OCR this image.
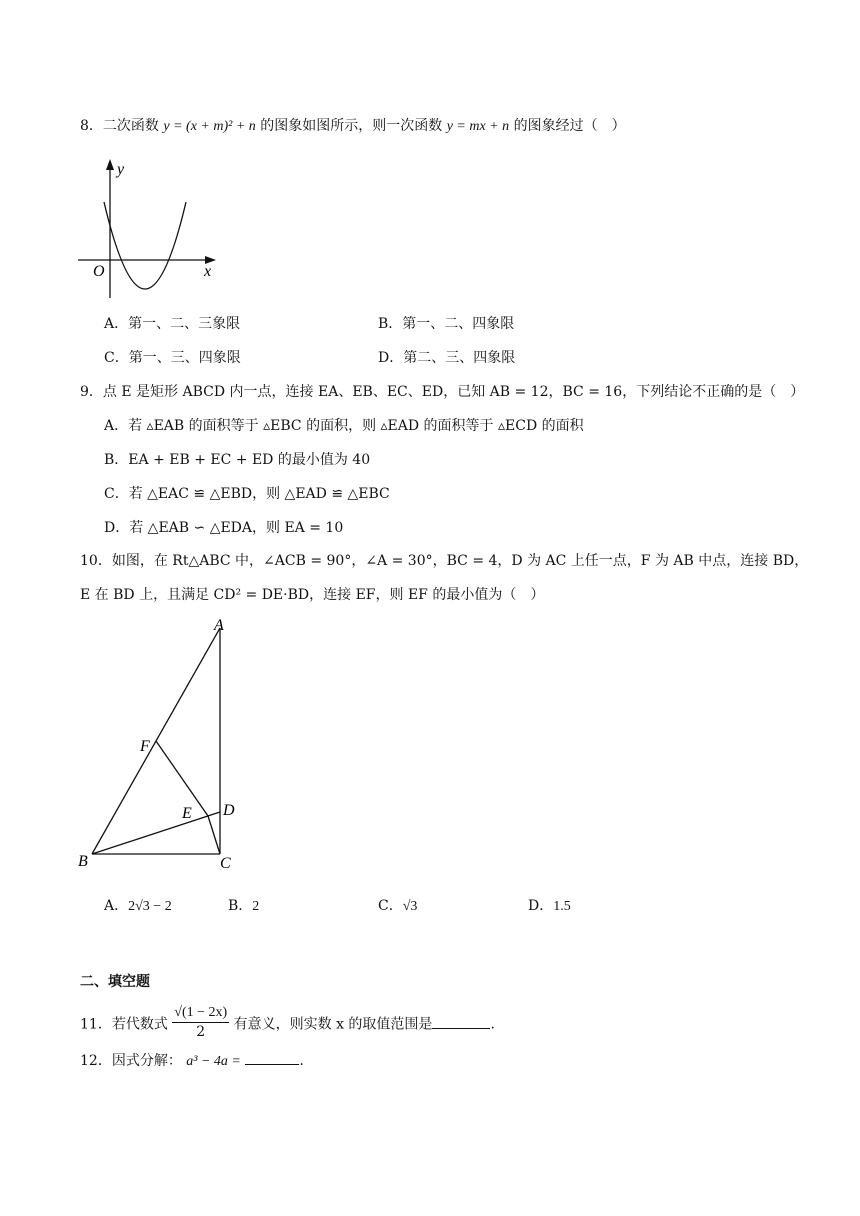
8．二次函数 y = (x + m)² + n 的图象如图所示，则一次函数 y = mx + n 的图象经过（　）
y
x
O
A．第一、二、三象限	B．第一、二、四象限
C．第一、三、四象限	D．第二、三、四象限
9．点 E 是矩形 ABCD 内一点，连接 EA、EB、EC、ED，已知 AB = 12，BC = 16，下列结论不正确的是（　）
A．若 ▵EAB 的面积等于 ▵EBC 的面积，则 ▵EAD 的面积等于 ▵ECD 的面积
B．EA + EB + EC + ED 的最小值为 40
C．若 △EAC ≌ △EBD，则 △EAD ≌ △EBC
D．若 △EAB ∽ △EDA，则 EA = 10
10．如图，在 Rt△ABC 中，∠ACB = 90°，∠A = 30°，BC = 4，D 为 AC 上任一点，F 为 AB 中点，连接 BD，
E 在 BD 上，且满足 CD² = DE·BD，连接 EF，则 EF 的最小值为（　）
A
F
E D
B	C
A．2√3 − 2	B．2	C．√3	D．1.5
二、填空题
11．若代数式 $\frac{√(1 - 2x)}{2}$ 有意义，则实数 x 的取值范围是	.
12．因式分解： a³ − 4a =	.
